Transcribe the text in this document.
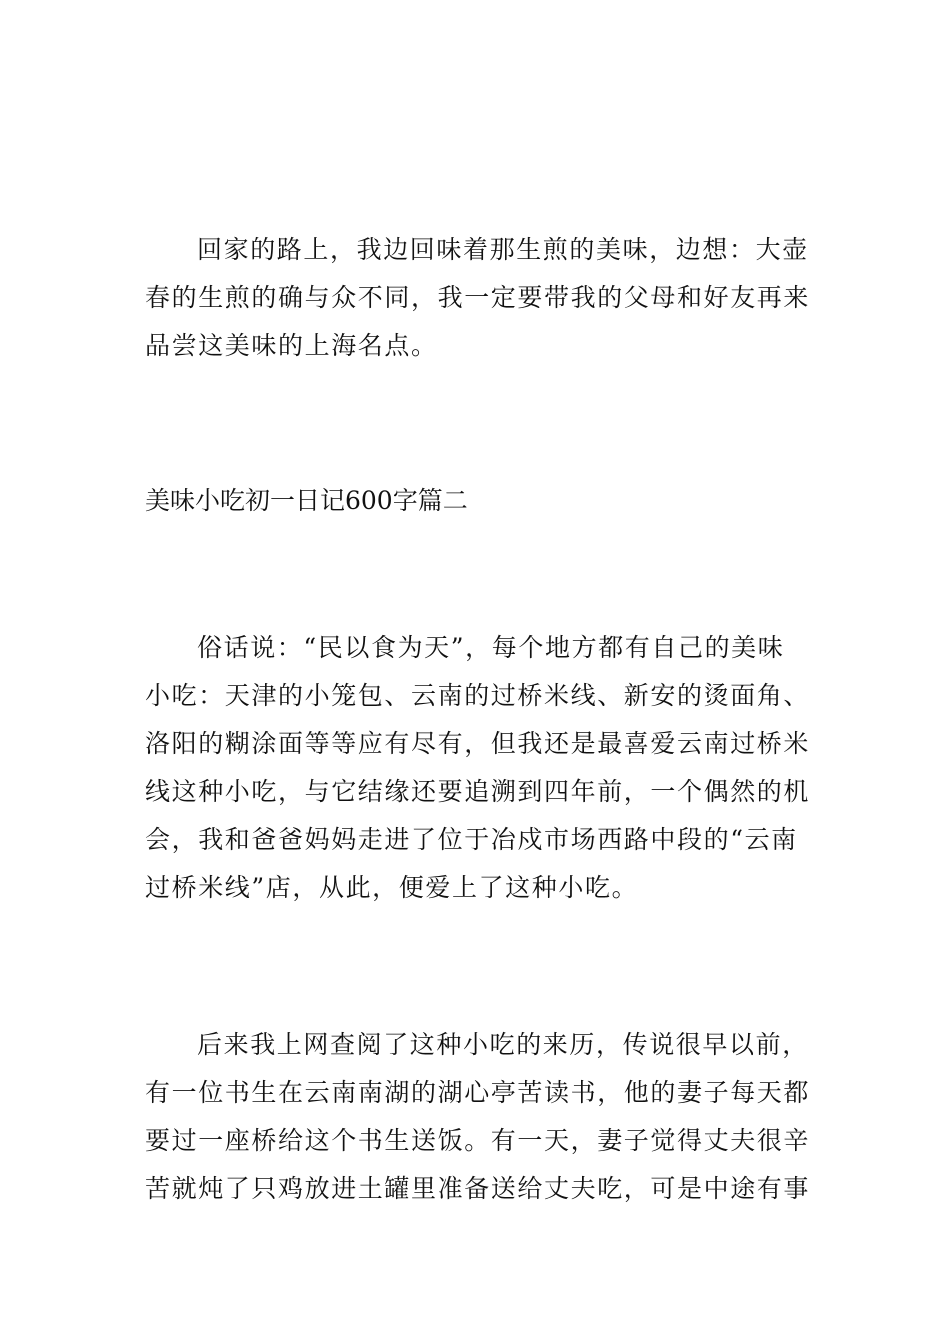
回家的路上，我边回味着那生煎的美味，边想：大壶
春的生煎的确与众不同，我一定要带我的父母和好友再来
品尝这美味的上海名点。
美味小吃初一日记600字篇二
俗话说：“民以食为天”，每个地方都有自己的美味
小吃：天津的小笼包、云南的过桥米线、新安的烫面角、
洛阳的糊涂面等等应有尽有，但我还是最喜爱云南过桥米
线这种小吃，与它结缘还要追溯到四年前，一个偶然的机
会，我和爸爸妈妈走进了位于冶戍市场西路中段的“云南
过桥米线”店，从此，便爱上了这种小吃。
后来我上网查阅了这种小吃的来历，传说很早以前，
有一位书生在云南南湖的湖心亭苦读书，他的妻子每天都
要过一座桥给这个书生送饭。有一天，妻子觉得丈夫很辛
苦就炖了只鸡放进土罐里准备送给丈夫吃，可是中途有事
